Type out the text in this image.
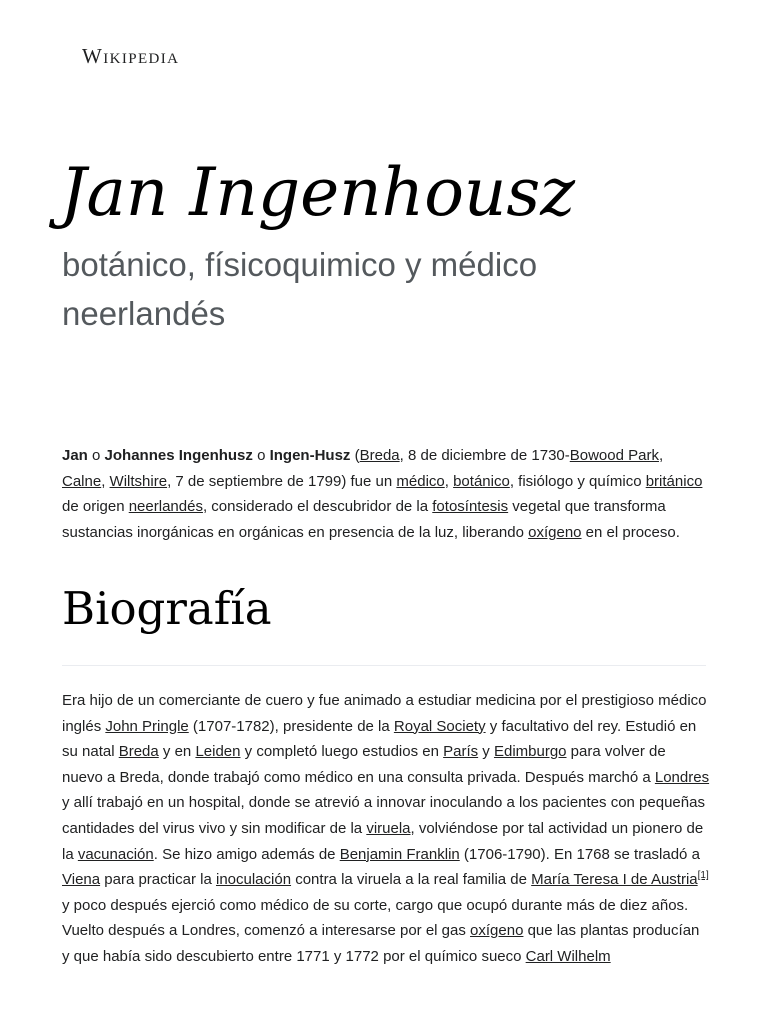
Wikipedia
Jan Ingenhousz
botánico, físicoquimico y médico neerlandés

Jan o Johannes Ingenhusz o Ingen-Husz (Breda, 8 de diciembre de 1730-Bowood Park, Calne, Wiltshire, 7 de septiembre de 1799) fue un médico, botánico, fisiólogo y químico británico de origen neerlandés, considerado el descubridor de la fotosíntesis vegetal que transforma sustancias inorgánicas en orgánicas en presencia de la luz, liberando oxígeno en el proceso.

Biografía

Era hijo de un comerciante de cuero y fue animado a estudiar medicina por el prestigioso médico inglés John Pringle (1707-1782), presidente de la Royal Society y facultativo del rey. Estudió en su natal Breda y en Leiden y completó luego estudios en París y Edimburgo para volver de nuevo a Breda, donde trabajó como médico en una consulta privada. Después marchó a Londres y allí trabajó en un hospital, donde se atrevió a innovar inoculando a los pacientes con pequeñas cantidades del virus vivo y sin modificar de la viruela, volviéndose por tal actividad un pionero de la vacunación. Se hizo amigo además de Benjamin Franklin (1706-1790). En 1768 se trasladó a Viena para practicar la inoculación contra la viruela a la real familia de María Teresa I de Austria[1] y poco después ejerció como médico de su corte, cargo que ocupó durante más de diez años. Vuelto después a Londres, comenzó a interesarse por el gas oxígeno que las plantas producían y que había sido descubierto entre 1771 y 1772 por el químico sueco Carl Wilhelm
